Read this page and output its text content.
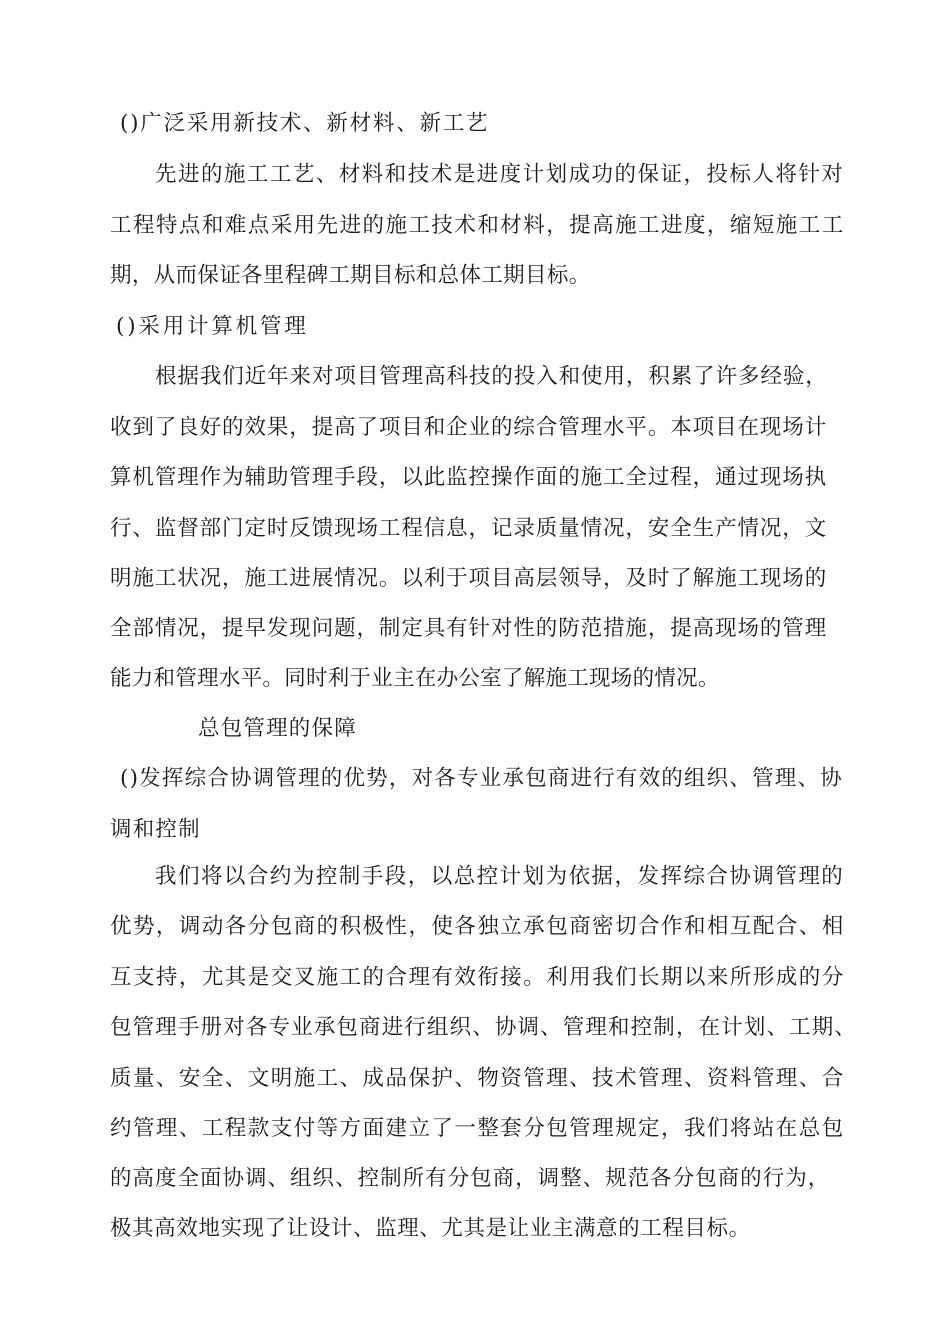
()广泛采用新技术、新材料、新工艺
先进的施工工艺、材料和技术是进度计划成功的保证，投标人将针对
工程特点和难点采用先进的施工技术和材料，提高施工进度，缩短施工工
期，从而保证各里程碑工期目标和总体工期目标。
()采用计算机管理
根据我们近年来对项目管理高科技的投入和使用，积累了许多经验，
收到了良好的效果，提高了项目和企业的综合管理水平。本项目在现场计
算机管理作为辅助管理手段，以此监控操作面的施工全过程，通过现场执
行、监督部门定时反馈现场工程信息，记录质量情况，安全生产情况，文
明施工状况，施工进展情况。以利于项目高层领导，及时了解施工现场的
全部情况，提早发现问题，制定具有针对性的防范措施，提高现场的管理
能力和管理水平。同时利于业主在办公室了解施工现场的情况。
总包管理的保障
()发挥综合协调管理的优势，对各专业承包商进行有效的组织、管理、协
调和控制
我们将以合约为控制手段，以总控计划为依据，发挥综合协调管理的
优势，调动各分包商的积极性，使各独立承包商密切合作和相互配合、相
互支持，尤其是交叉施工的合理有效衔接。利用我们长期以来所形成的分
包管理手册对各专业承包商进行组织、协调、管理和控制，在计划、工期、
质量、安全、文明施工、成品保护、物资管理、技术管理、资料管理、合
约管理、工程款支付等方面建立了一整套分包管理规定，我们将站在总包
的高度全面协调、组织、控制所有分包商，调整、规范各分包商的行为，
极其高效地实现了让设计、监理、尤其是让业主满意的工程目标。
